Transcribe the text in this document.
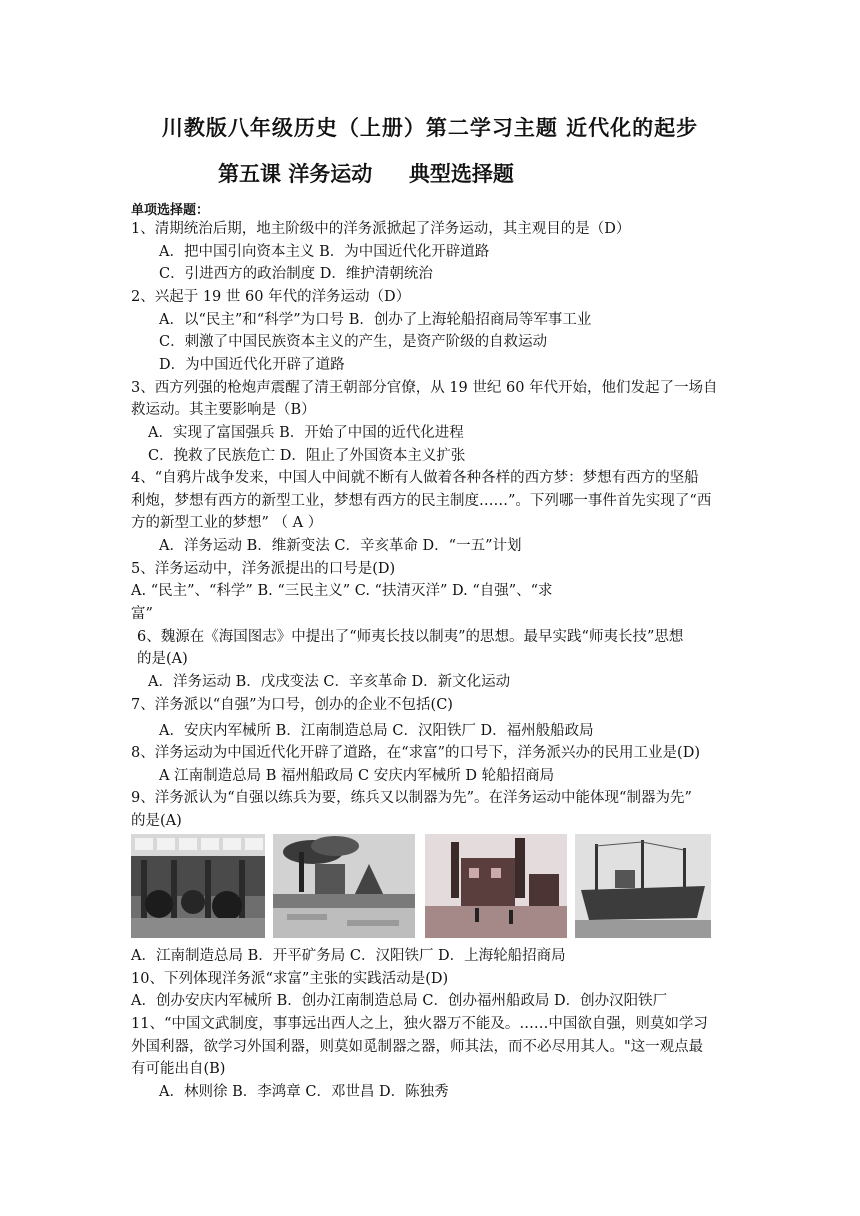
川教版八年级历史（上册）第二学习主题 近代化的起步
第五课 洋务运动     典型选择题
单项选择题：
1、清期统治后期，地主阶级中的洋务派掀起了洋务运动，其主观目的是（D）
A．把中国引向资本主义 B．为中国近代化开辟道路
C．引进西方的政治制度 D．维护清朝统治
2、兴起于 19 世 60 年代的洋务运动（D）
A．以“民主”和“科学”为口号 B．创办了上海轮船招商局等军事工业
C．刺激了中国民族资本主义的产生，是资产阶级的自救运动
D．为中国近代化开辟了道路
3、西方列强的枪炮声震醒了清王朝部分官僚，从 19 世纪 60 年代开始，他们发起了一场自
救运动。其主要影响是（B）
A．实现了富国强兵 B．开始了中国的近代化进程
C．挽救了民族危亡 D．阻止了外国资本主义扩张
4、“自鸦片战争发来，中国人中间就不断有人做着各种各样的西方梦：梦想有西方的坚船
利炮，梦想有西方的新型工业，梦想有西方的民主制度……”。下列哪一事件首先实现了“西
方的新型工业的梦想” （ A ）
A．洋务运动 B．维新变法 C．辛亥革命 D．“一五”计划
5、洋务运动中，洋务派提出的口号是(D)
A. “民主”、“科学” B. “三民主义” C. “扶清灭洋” D. “自强”、“求
富”
6、魏源在《海国图志》中提出了“师夷长技以制夷”的思想。最早实践“师夷长技”思想
的是(A)
A．洋务运动 B．戊戌变法 C．辛亥革命 D．新文化运动
7、洋务派以“自强”为口号，创办的企业不包括(C)
A．安庆内军械所 B．江南制造总局 C．汉阳铁厂 D．福州般船政局
8、洋务运动为中国近代化开辟了道路，在“求富”的口号下，洋务派兴办的民用工业是(D)
A 江南制造总局 B 福州船政局 C 安庆内军械所 D 轮船招商局
9、洋务派认为“自强以练兵为要，练兵又以制器为先”。在洋务运动中能体现“制器为先”
的是(A)
A．江南制造总局 B．开平矿务局 C．汉阳铁厂 D．上海轮船招商局
10、下列体现洋务派“求富”主张的实践活动是(D)
A．创办安庆内军械所 B．创办江南制造总局 C．创办福州船政局 D．创办汉阳铁厂
11、“中国文武制度，事事远出西人之上，独火器万不能及。……中国欲自强，则莫如学习
外国利器，欲学习外国利器，则莫如觅制器之器，师其法，而不必尽用其人。"这一观点最
有可能出自(B)
A．林则徐 B．李鸿章 C．邓世昌 D．陈独秀
